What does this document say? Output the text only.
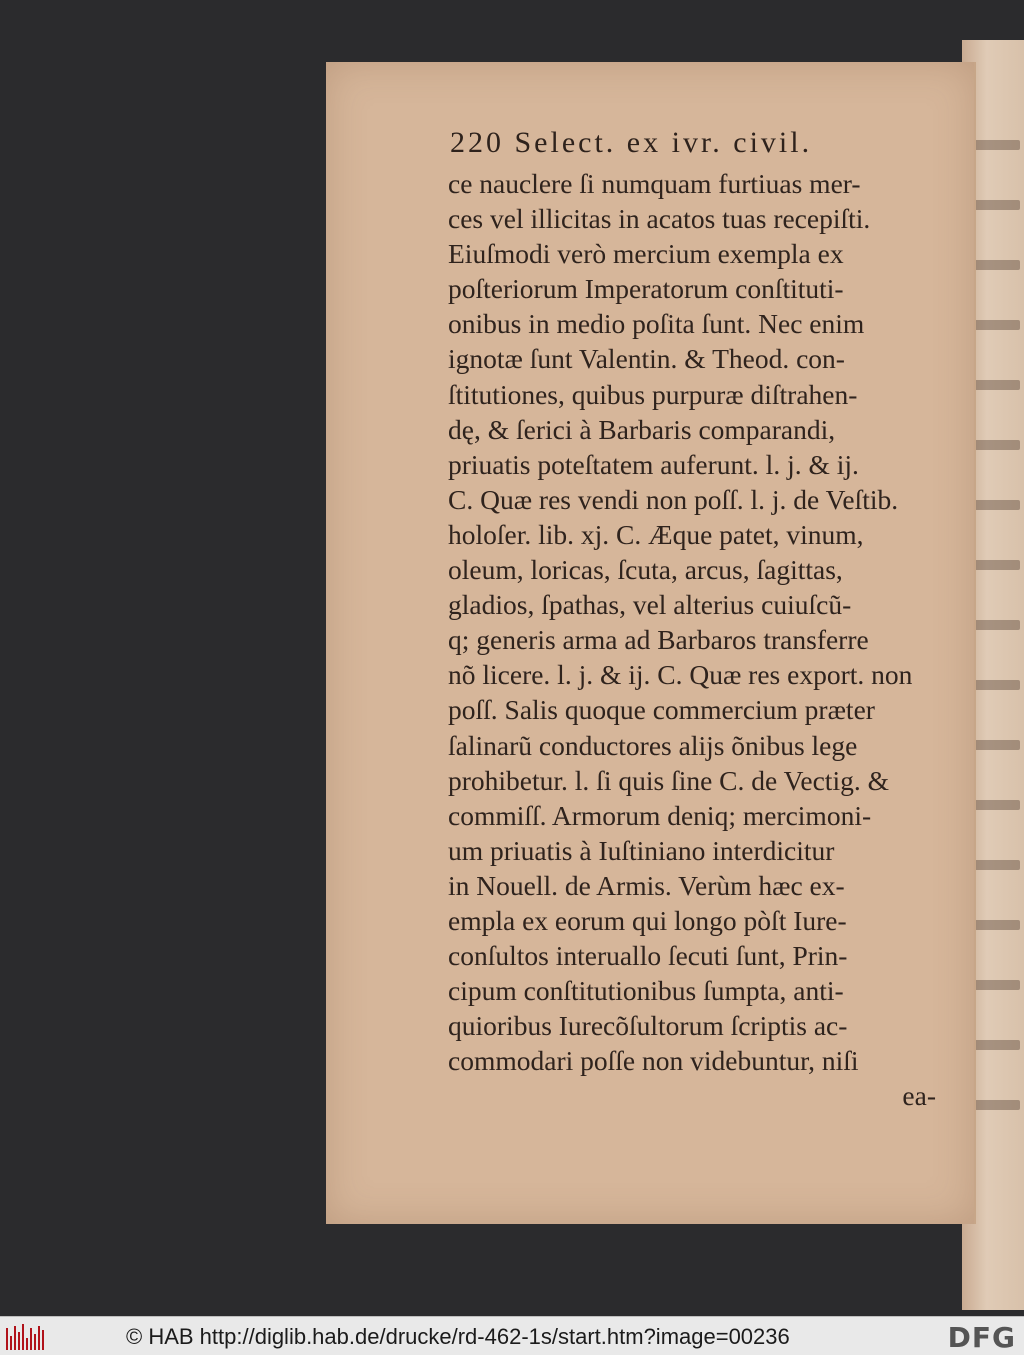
220 Select. ex ivr. civil.
ce nauclere ſi numquam furtiuas mer-
ces vel illicitas in acatos tuas recepiſti.
Eiuſmodi verò mercium exempla ex
poſteriorum Imperatorum conſtituti-
onibus in medio poſita ſunt. Nec enim
ignotæ ſunt Valentin. & Theod. con-
ſtitutiones, quibus purpuræ diſtrahen-
dę, & ſerici à Barbaris comparandi,
priuatis poteſtatem auferunt. l. j. & ij.
C. Quæ res vendi non poſſ. l. j. de Veſtib.
holoſer. lib. xj. C. Æque patet, vinum,
oleum, loricas, ſcuta, arcus, ſagittas,
gladios, ſpathas, vel alterius cuiuſcũ-
q; generis arma ad Barbaros transferre
nõ licere. l. j. & ij. C. Quæ res export. non
poſſ. Salis quoque commercium præter
ſalinarũ conductores alijs õnibus lege
prohibetur. l. ſi quis ſine C. de Vectig. &
commiſſ. Armorum deniq; mercimoni-
um priuatis à Iuſtiniano interdicitur
in Nouell. de Armis. Verùm hæc ex-
empla ex eorum qui longo pòſt Iure-
conſultos interuallo ſecuti ſunt, Prin-
cipum conſtitutionibus ſumpta, anti-
quioribus Iurecõſultorum ſcriptis ac-
commodari poſſe non videbuntur, niſi
ea-
© HAB http://diglib.hab.de/drucke/rd-462-1s/start.htm?image=00236	DFG
